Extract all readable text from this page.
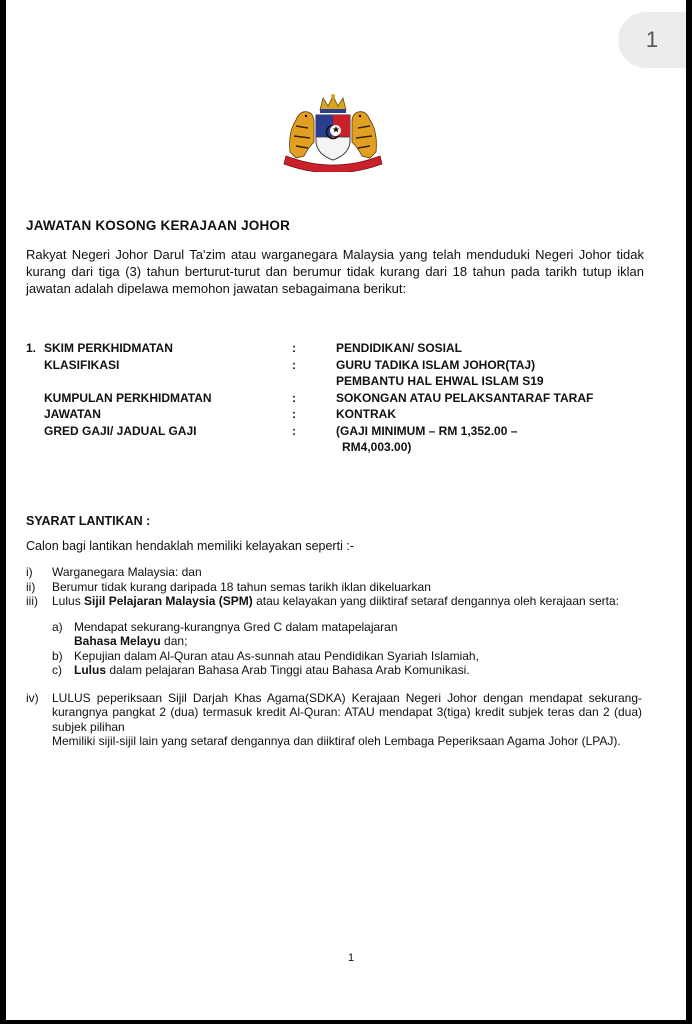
1
JAWATAN KOSONG KERAJAAN JOHOR
Rakyat Negeri Johor Darul Ta'zim atau warganegara Malaysia yang telah menduduki Negeri Johor tidak kurang dari tiga (3) tahun berturut-turut dan berumur tidak kurang dari 18 tahun pada tarikh tutup iklan jawatan adalah dipelawa memohon jawatan sebagaimana berikut:
1. SKIM PERKHIDMATAN	:	PENDIDIKAN/ SOSIAL
KLASIFIKASI	:	GURU TADIKA ISLAM JOHOR(TAJ)
PEMBANTU HAL EHWAL ISLAM S19
KUMPULAN PERKHIDMATAN	:	SOKONGAN ATAU PELAKSANTARAF TARAF
JAWATAN	:	KONTRAK
GRED GAJI/ JADUAL GAJI	:	(GAJI MINIMUM – RM 1,352.00 –
RM4,003.00)
SYARAT LANTIKAN :
Calon bagi lantikan hendaklah memiliki kelayakan seperti :-
i) Warganegara Malaysia: dan
ii) Berumur tidak kurang daripada 18 tahun semas tarikh iklan dikeluarkan
iii) Lulus Sijil Pelajaran Malaysia (SPM) atau kelayakan yang diiktiraf setaraf dengannya oleh kerajaan serta:
a) Mendapat sekurang-kurangnya Gred C dalam matapelajaran
Bahasa Melayu dan;
b) Kepujian dalam Al-Quran atau As-sunnah atau Pendidikan Syariah Islamiah,
c) Lulus dalam pelajaran Bahasa Arab Tinggi atau Bahasa Arab Komunikasi.
iv) LULUS peperiksaan Sijil Darjah Khas Agama(SDKA) Kerajaan Negeri Johor dengan mendapat sekurang-kurangnya pangkat 2 (dua) termasuk kredit Al-Quran: ATAU mendapat 3(tiga) kredit subjek teras dan 2 (dua) subjek pilihan
Memiliki sijil-sijil lain yang setaraf dengannya dan diiktiraf oleh Lembaga Peperiksaan Agama Johor (LPAJ).
1
